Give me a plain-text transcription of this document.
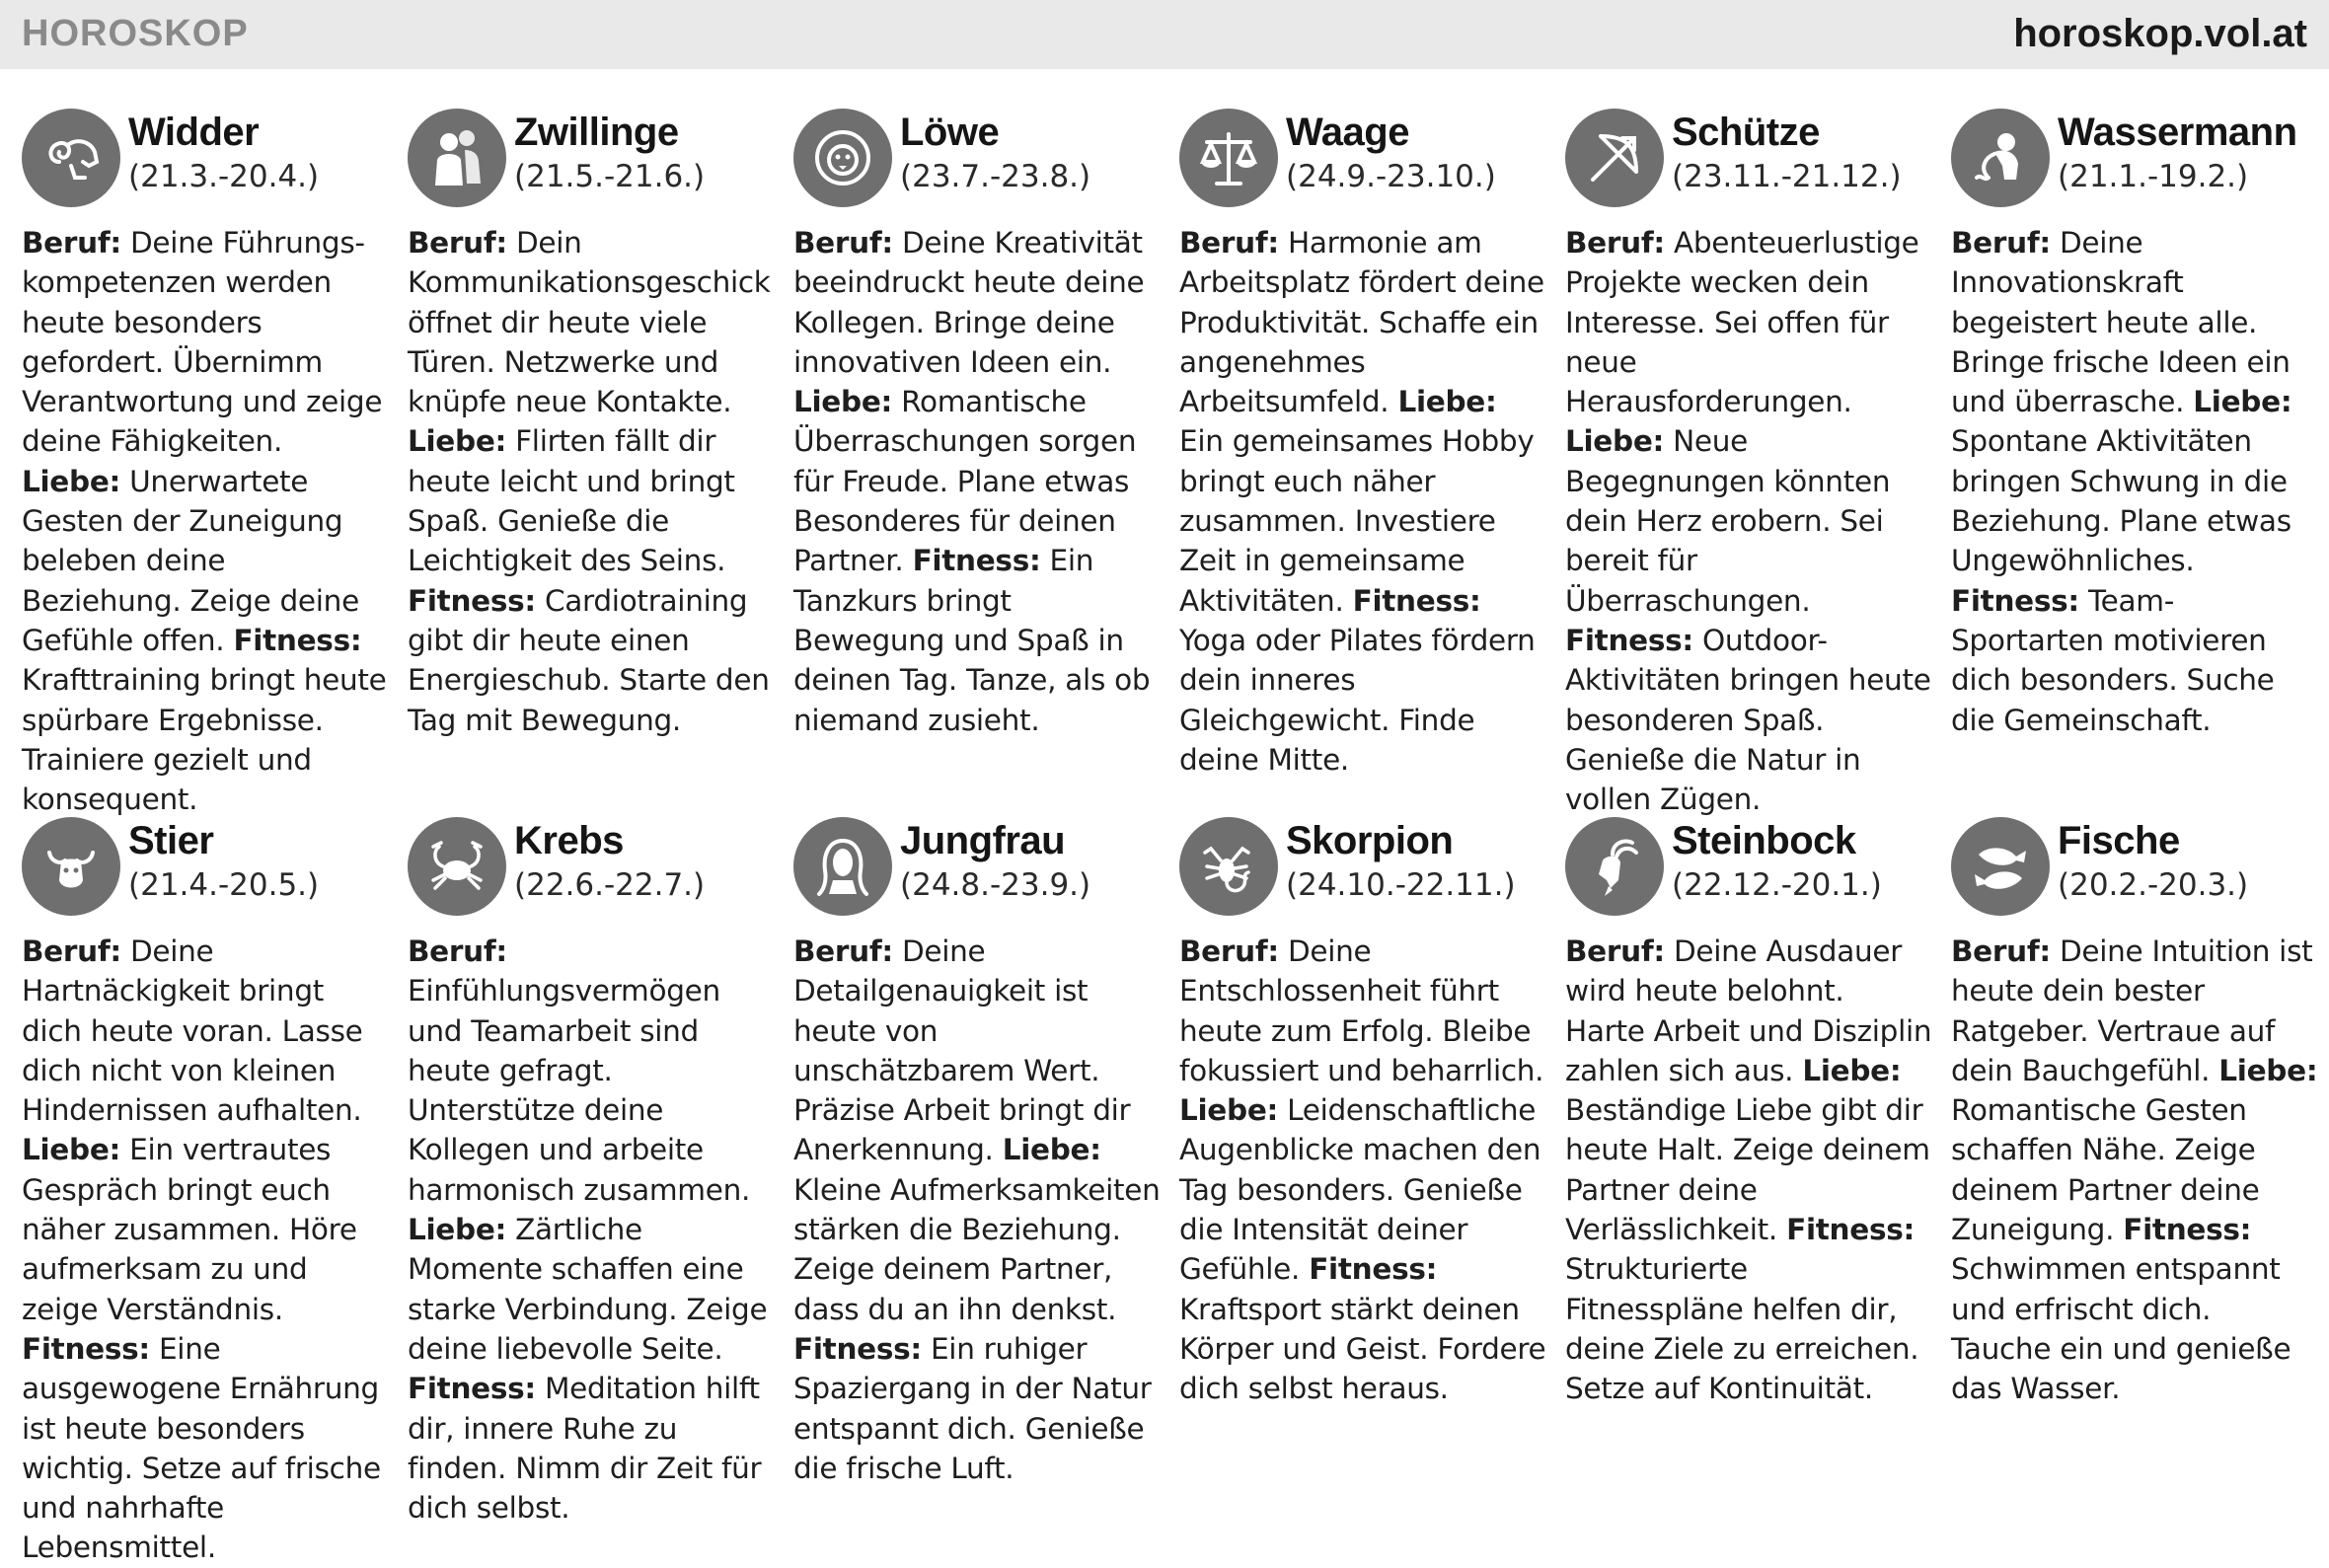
HOROSKOP	horoskop.vol.at
Widder
(21.3.-20.4.)
Beruf: Deine Führungs-kompetenzen werden heute besonders gefordert. Übernimm Verantwortung und zeige deine Fähigkeiten. Liebe: Unerwartete Gesten der Zuneigung beleben deine Beziehung. Zeige deine Gefühle offen. Fitness: Krafttraining bringt heute spürbare Ergebnisse. Trainiere gezielt und konsequent.
Zwillinge
(21.5.-21.6.)
Beruf: Dein Kommunikationsgeschick öffnet dir heute viele Türen. Netzwerke und knüpfe neue Kontakte. Liebe: Flirten fällt dir heute leicht und bringt Spaß. Genieße die Leichtigkeit des Seins. Fitness: Cardiotraining gibt dir heute einen Energieschub. Starte den Tag mit Bewegung.
Löwe
(23.7.-23.8.)
Beruf: Deine Kreativität beeindruckt heute deine Kollegen. Bringe deine innovativen Ideen ein. Liebe: Romantische Überraschungen sorgen für Freude. Plane etwas Besonderes für deinen Partner. Fitness: Ein Tanzkurs bringt Bewegung und Spaß in deinen Tag. Tanze, als ob niemand zusieht.
Waage
(24.9.-23.10.)
Beruf: Harmonie am Arbeitsplatz fördert deine Produktivität. Schaffe ein angenehmes Arbeitsumfeld. Liebe: Ein gemeinsames Hobby bringt euch näher zusammen. Investiere Zeit in gemeinsame Aktivitäten. Fitness: Yoga oder Pilates fördern dein inneres Gleichgewicht. Finde deine Mitte.
Schütze
(23.11.-21.12.)
Beruf: Abenteuerlustige Projekte wecken dein Interesse. Sei offen für neue Herausforderungen. Liebe: Neue Begegnungen könnten dein Herz erobern. Sei bereit für Überraschungen. Fitness: Outdoor-Aktivitäten bringen heute besonderen Spaß. Genieße die Natur in vollen Zügen.
Wassermann
(21.1.-19.2.)
Beruf: Deine Innovationskraft begeistert heute alle. Bringe frische Ideen ein und überrasche. Liebe: Spontane Aktivitäten bringen Schwung in die Beziehung. Plane etwas Ungewöhnliches. Fitness: Team-Sportarten motivieren dich besonders. Suche die Gemeinschaft.
Stier
(21.4.-20.5.)
Beruf: Deine Hartnäckigkeit bringt dich heute voran. Lasse dich nicht von kleinen Hindernissen aufhalten. Liebe: Ein vertrautes Gespräch bringt euch näher zusammen. Höre aufmerksam zu und zeige Verständnis. Fitness: Eine ausgewogene Ernährung ist heute besonders wichtig. Setze auf frische und nahrhafte Lebensmittel.
Krebs
(22.6.-22.7.)
Beruf: Einfühlungsvermögen und Teamarbeit sind heute gefragt. Unterstütze deine Kollegen und arbeite harmonisch zusammen. Liebe: Zärtliche Momente schaffen eine starke Verbindung. Zeige deine liebevolle Seite. Fitness: Meditation hilft dir, innere Ruhe zu finden. Nimm dir Zeit für dich selbst.
Jungfrau
(24.8.-23.9.)
Beruf: Deine Detailgenauigkeit ist heute von unschätzbarem Wert. Präzise Arbeit bringt dir Anerkennung. Liebe: Kleine Aufmerksamkeiten stärken die Beziehung. Zeige deinem Partner, dass du an ihn denkst. Fitness: Ein ruhiger Spaziergang in der Natur entspannt dich. Genieße die frische Luft.
Skorpion
(24.10.-22.11.)
Beruf: Deine Entschlossenheit führt heute zum Erfolg. Bleibe fokussiert und beharrlich. Liebe: Leidenschaftliche Augenblicke machen den Tag besonders. Genieße die Intensität deiner Gefühle. Fitness: Kraftsport stärkt deinen Körper und Geist. Fordere dich selbst heraus.
Steinbock
(22.12.-20.1.)
Beruf: Deine Ausdauer wird heute belohnt. Harte Arbeit und Disziplin zahlen sich aus. Liebe: Beständige Liebe gibt dir heute Halt. Zeige deinem Partner deine Verlässlichkeit. Fitness: Strukturierte Fitnesspläne helfen dir, deine Ziele zu erreichen. Setze auf Kontinuität.
Fische
(20.2.-20.3.)
Beruf: Deine Intuition ist heute dein bester Ratgeber. Vertraue auf dein Bauchgefühl. Liebe: Romantische Gesten schaffen Nähe. Zeige deinem Partner deine Zuneigung. Fitness: Schwimmen entspannt und erfrischt dich. Tauche ein und genieße das Wasser.
